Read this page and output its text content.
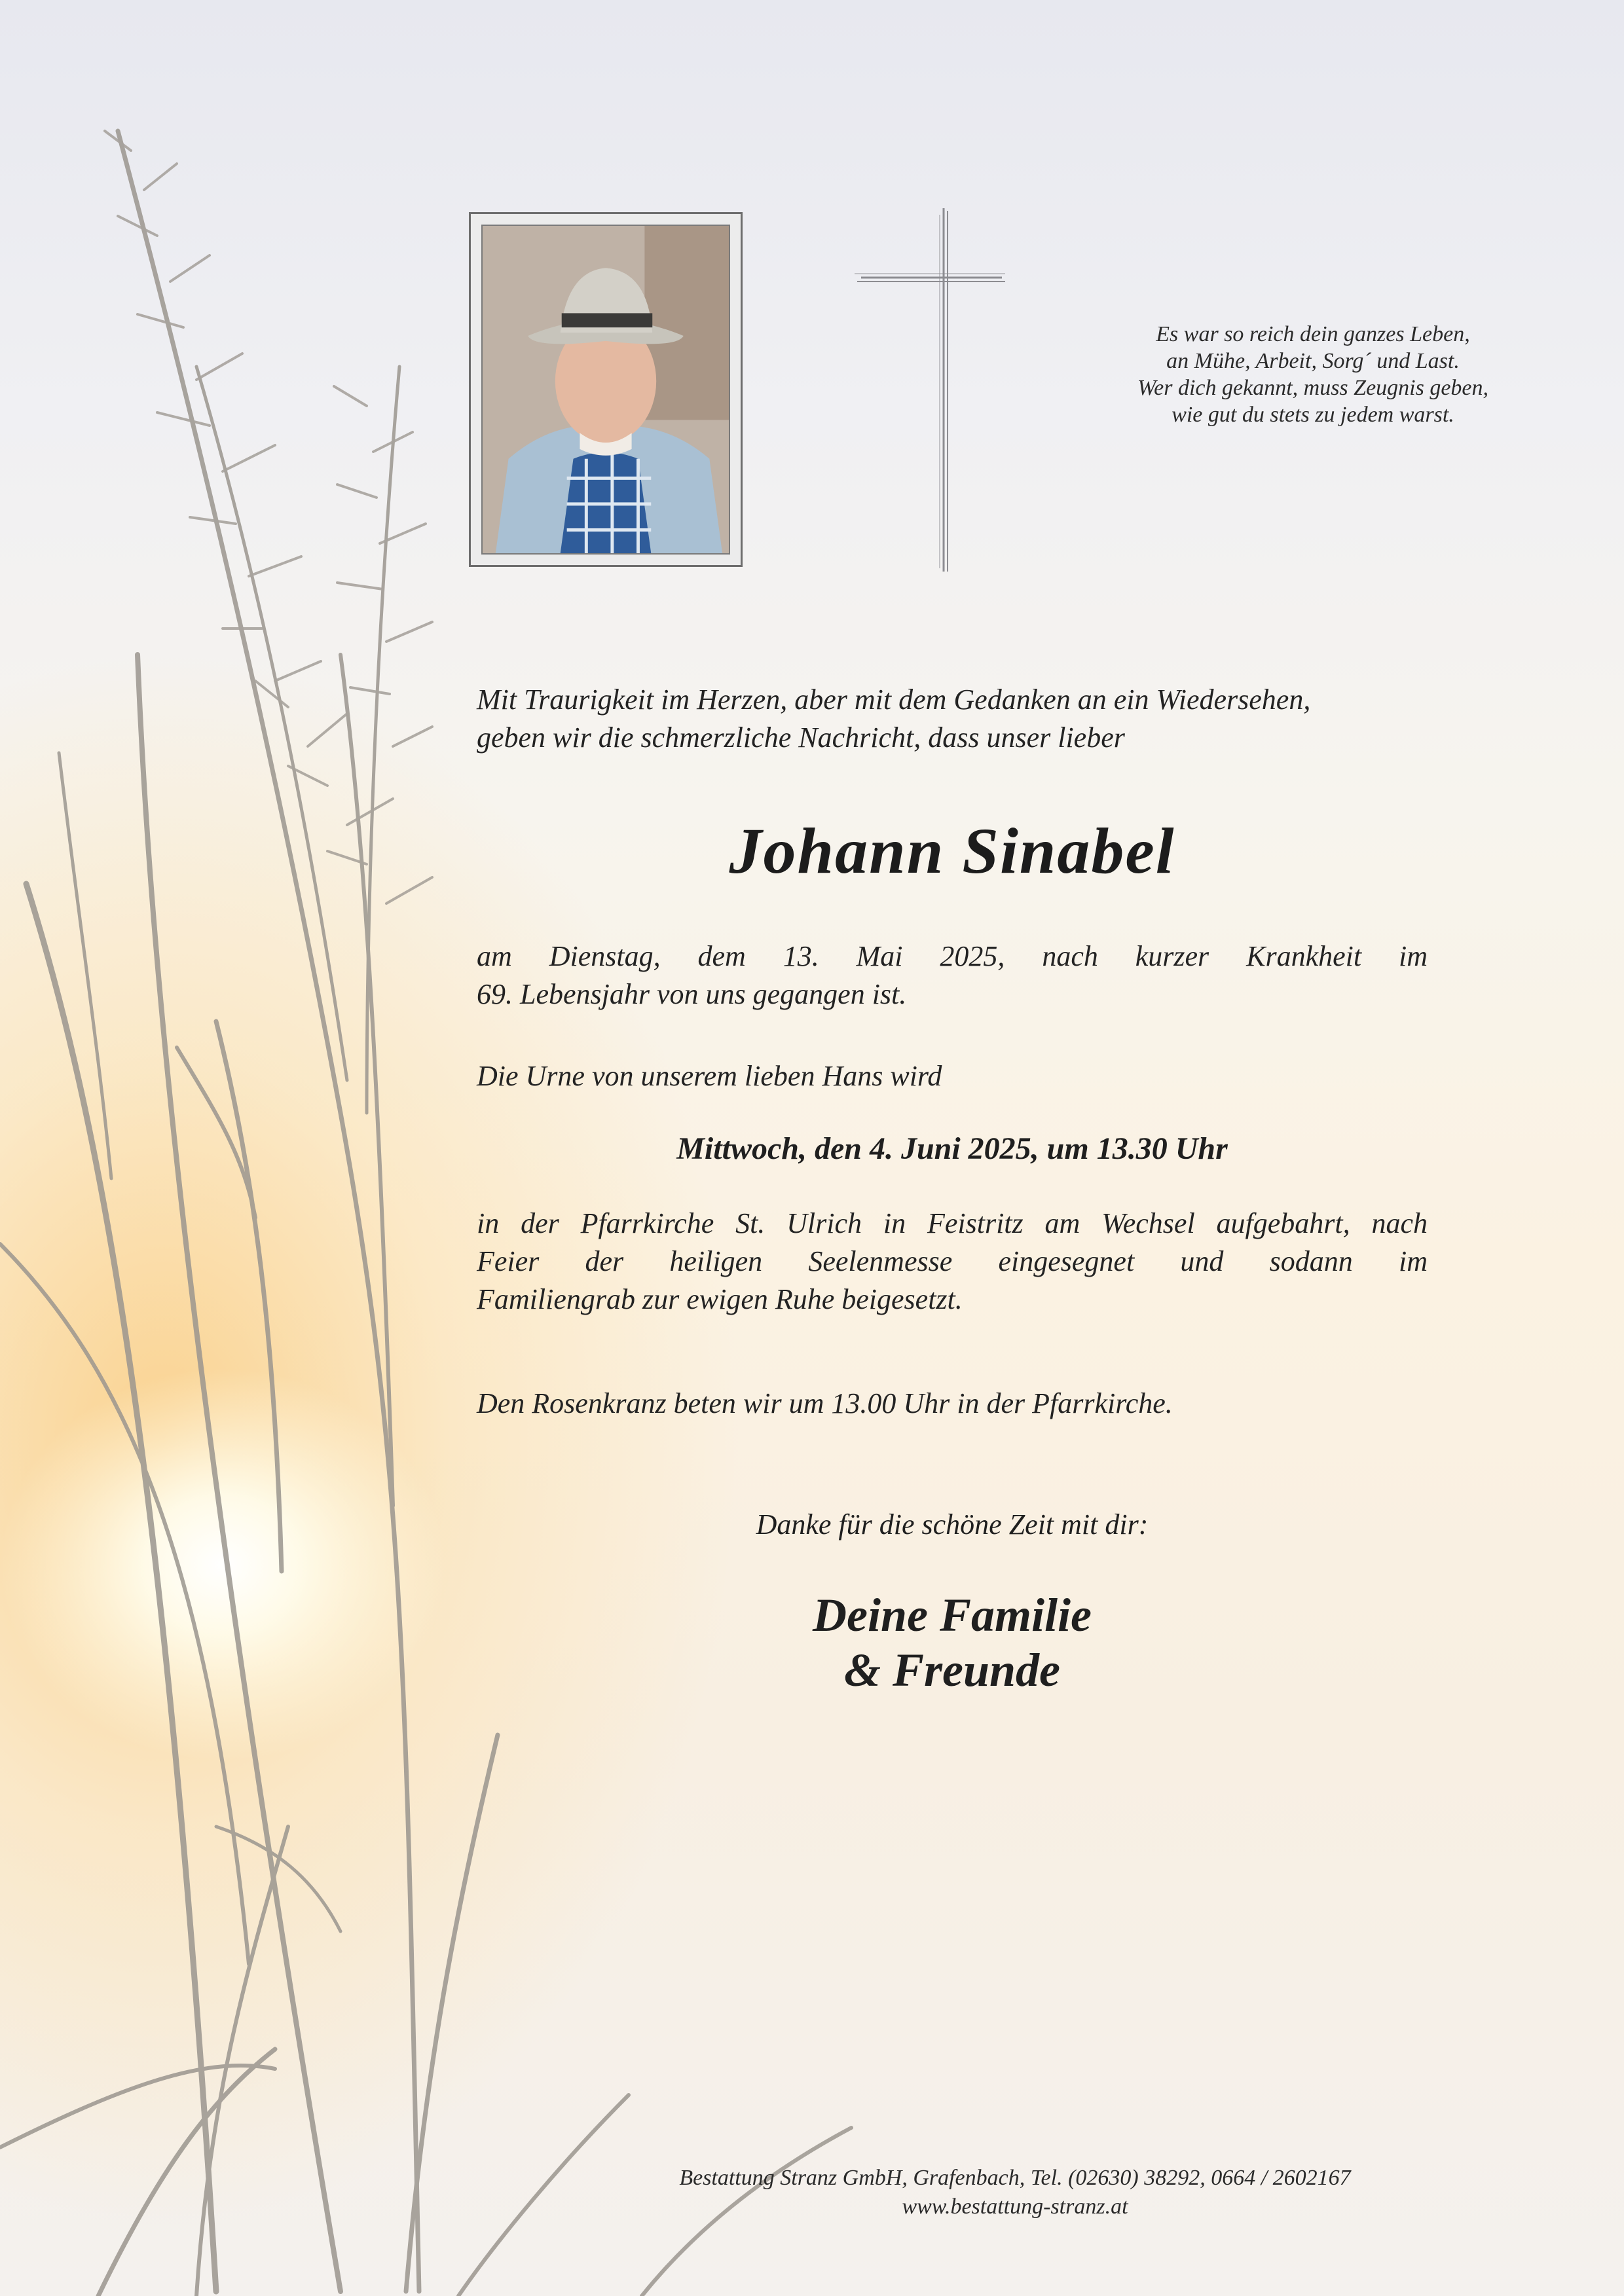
Es war so reich dein ganzes Leben,
an Mühe, Arbeit, Sorg´ und Last.
Wer dich gekannt, muss Zeugnis geben,
wie gut du stets zu jedem warst.
Mit Traurigkeit im Herzen, aber mit dem Gedanken an ein Wiedersehen,
geben wir die schmerzliche Nachricht, dass unser lieber
Johann Sinabel
am Dienstag, dem 13. Mai 2025, nach kurzer Krankheit im
69. Lebensjahr von uns gegangen ist.
Die Urne von unserem lieben Hans wird
Mittwoch, den 4. Juni 2025, um 13.30 Uhr
in der Pfarrkirche St. Ulrich in Feistritz am Wechsel aufgebahrt, nach
Feier der heiligen Seelenmesse eingesegnet und sodann im
Familiengrab zur ewigen Ruhe beigesetzt.
Den Rosenkranz beten wir um 13.00 Uhr in der Pfarrkirche.
Danke für die schöne Zeit mit dir:
Deine Familie
& Freunde
Bestattung Stranz GmbH, Grafenbach, Tel. (02630) 38292, 0664 / 2602167
www.bestattung-stranz.at
